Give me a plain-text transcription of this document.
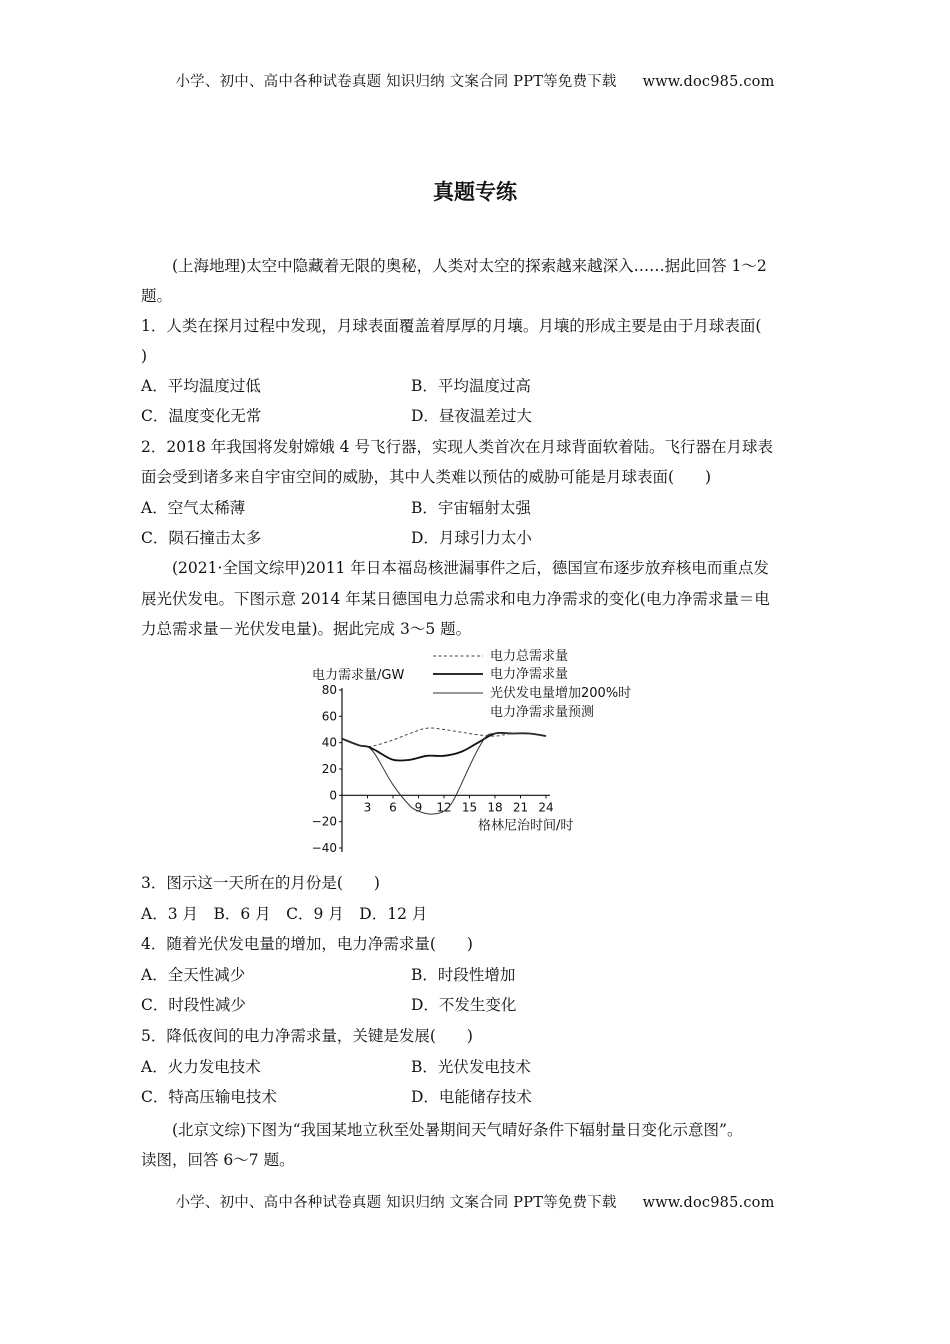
小学、初中、高中各种试卷真题 知识归纳 文案合同 PPT等免费下载 www.doc985.com
真题专练
(上海地理)太空中隐藏着无限的奥秘，人类对太空的探索越来越深入……据此回答 1～2
题。
1．人类在探月过程中发现，月球表面覆盖着厚厚的月壤。月壤的形成主要是由于月球表面(
)
A．平均温度过低	B．平均温度过高
C．温度变化无常	D．昼夜温差过大
2．2018 年我国将发射嫦娥 4 号飞行器，实现人类首次在月球背面软着陆。飞行器在月球表
面会受到诸多来自宇宙空间的威胁，其中人类难以预估的威胁可能是月球表面(　　)
A．空气太稀薄	B．宇宙辐射太强
C．陨石撞击太多	D．月球引力太小
(2021·全国文综甲)2011 年日本福岛核泄漏事件之后，德国宣布逐步放弃核电而重点发
展光伏发电。下图示意 2014 年某日德国电力总需求和电力净需求的变化(电力净需求量＝电
力总需求量－光伏发电量)。据此完成 3～5 题。
电力需求量/GW
80
60
40
20
0
−20
−40
3 6 9 12 15 18 21 24
格林尼治时间/时
电力总需求量
电力净需求量
光伏发电量增加200%时
电力净需求量预测
3．图示这一天所在的月份是(　　)
A．3 月　B．6 月　C．9 月　D．12 月
4．随着光伏发电量的增加，电力净需求量(　　)
A．全天性减少	B．时段性增加
C．时段性减少	D．不发生变化
5．降低夜间的电力净需求量，关键是发展(　　)
A．火力发电技术	B．光伏发电技术
C．特高压输电技术	D．电能储存技术
(北京文综)下图为“我国某地立秋至处暑期间天气晴好条件下辐射量日变化示意图”。
读图，回答 6～7 题。
小学、初中、高中各种试卷真题 知识归纳 文案合同 PPT等免费下载 www.doc985.com
